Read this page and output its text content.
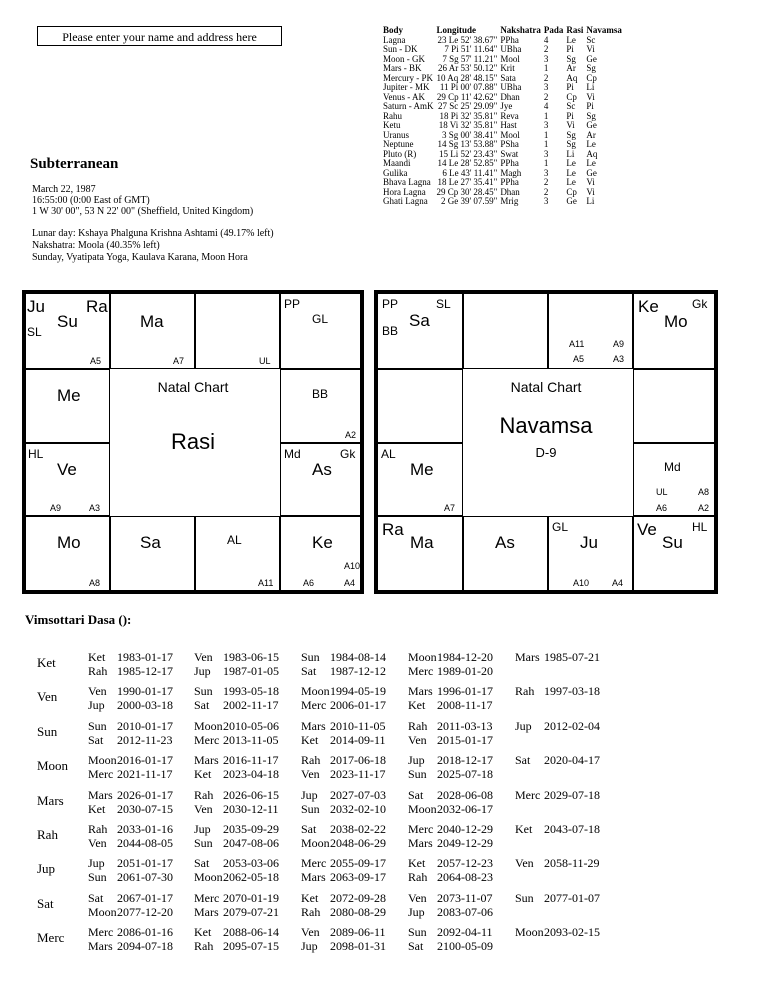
Please enter your name and address here
Subterranean
March 22, 1987
16:55:00 (0:00 East of GMT)
1 W 30' 00", 53 N 22' 00" (Sheffield, United Kingdom)
Lunar day: Kshaya Phalguna Krishna Ashtami (49.17% left)
Nakshatra: Moola (40.35% left)
Sunday, Vyatipata Yoga, Kaulava Karana, Moon Hora
Body	Longitude	Nakshatra	Pada	Rasi	Navamsa
Lagna	23 Le 52' 38.67"	PPha	4	Le	Sc
Sun - DK	7 Pi 51' 11.64"	UBha	2	Pi	Vi
Moon - GK	7 Sg 57' 11.21"	Mool	3	Sg	Ge
Mars - BK	26 Ar 53' 50.12"	Krit	1	Ar	Sg
Mercury - PK	10 Aq 28' 48.15"	Sata	2	Aq	Cp
Jupiter - MK	11 Pi 00' 07.88"	UBha	3	Pi	Li
Venus - AK	29 Cp 11' 42.62"	Dhan	2	Cp	Vi
Saturn - AmK	27 Sc 25' 29.09"	Jye	4	Sc	Pi
Rahu	18 Pi 32' 35.81"	Reva	1	Pi	Sg
Ketu	18 Vi 32' 35.81"	Hast	3	Vi	Ge
Uranus	3 Sg 00' 38.41"	Mool	1	Sg	Ar
Neptune	14 Sg 13' 53.88"	PSha	1	Sg	Le
Pluto (R)	15 Li 52' 23.43"	Swat	3	Li	Aq
Maandi	14 Le 28' 52.85"	PPha	1	Le	Le
Gulika	6 Le 43' 11.41"	Magh	3	Le	Ge
Bhava Lagna	18 Le 27' 35.41"	PPha	2	Le	Vi
Hora Lagna	29 Cp 30' 28.45"	Dhan	2	Cp	Vi
Ghati Lagna	2 Ge 39' 07.59"	Mrig	3	Ge	Li
Ju
Su
Ra
SL
A5
Ma
A7	UL
PP
GL
Me	BB
A2
HL
Ve
A9	A3
Md	Gk
As
Mo
A8
Sa	AL
A11
Ke
A10
A6	A4
Natal Chart
Rasi
PP	SL
Sa
BB
A11	A9
A5	A3
Ke
Mo
Gk
AL
Me
A7
Md
UL	A8
A6	A2
Ra
Ma	As
GL
Ju
A10	A4
Ve
Su
HL
Natal Chart
Navamsa
D-9
Vimsottari Dasa ():
Ket	Ket 1983-01-17 Ven 1983-06-15 Sun 1984-08-14 Moon1984-12-20 Mars 1985-07-21
Rah 1985-12-17 Jup 1987-01-05 Sat 1987-12-12 Merc 1989-01-20
Ven	Ven 1990-01-17 Sun 1993-05-18 Moon1994-05-19 Mars 1996-01-17 Rah 1997-03-18
Jup 2000-03-18 Sat 2002-11-17 Merc 2006-01-17 Ket 2008-11-17
Sun	Sun 2010-01-17 Moon2010-05-06 Mars 2010-11-05 Rah 2011-03-13 Jup 2012-02-04
Sat 2012-11-23 Merc 2013-11-05 Ket 2014-09-11 Ven 2015-01-17
Moon Moon2016-01-17 Mars 2016-11-17 Rah 2017-06-18 Jup 2018-12-17 Sat 2020-04-17
Merc 2021-11-17 Ket 2023-04-18 Ven 2023-11-17 Sun 2025-07-18
Mars Mars 2026-01-17 Rah 2026-06-15 Jup 2027-07-03 Sat 2028-06-08 Merc 2029-07-18
Ket 2030-07-15 Ven 2030-12-11 Sun 2032-02-10 Moon2032-06-17
Rah	Rah 2033-01-16 Jup 2035-09-29 Sat 2038-02-22 Merc 2040-12-29 Ket 2043-07-18
Ven 2044-08-05 Sun 2047-08-06 Moon2048-06-29 Mars 2049-12-29
Jup	Jup 2051-01-17 Sat 2053-03-06 Merc 2055-09-17 Ket 2057-12-23 Ven 2058-11-29
Sun 2061-07-30 Moon2062-05-18 Mars 2063-09-17 Rah 2064-08-23
Sat	Sat 2067-01-17 Merc 2070-01-19 Ket 2072-09-28 Ven 2073-11-07 Sun 2077-01-07
Moon2077-12-20 Mars 2079-07-21 Rah 2080-08-29 Jup 2083-07-06
Merc Merc 2086-01-16 Ket 2088-06-14 Ven 2089-06-11 Sun 2092-04-11 Moon2093-02-15
Mars 2094-07-18 Rah 2095-07-15 Jup 2098-01-31 Sat 2100-05-09
